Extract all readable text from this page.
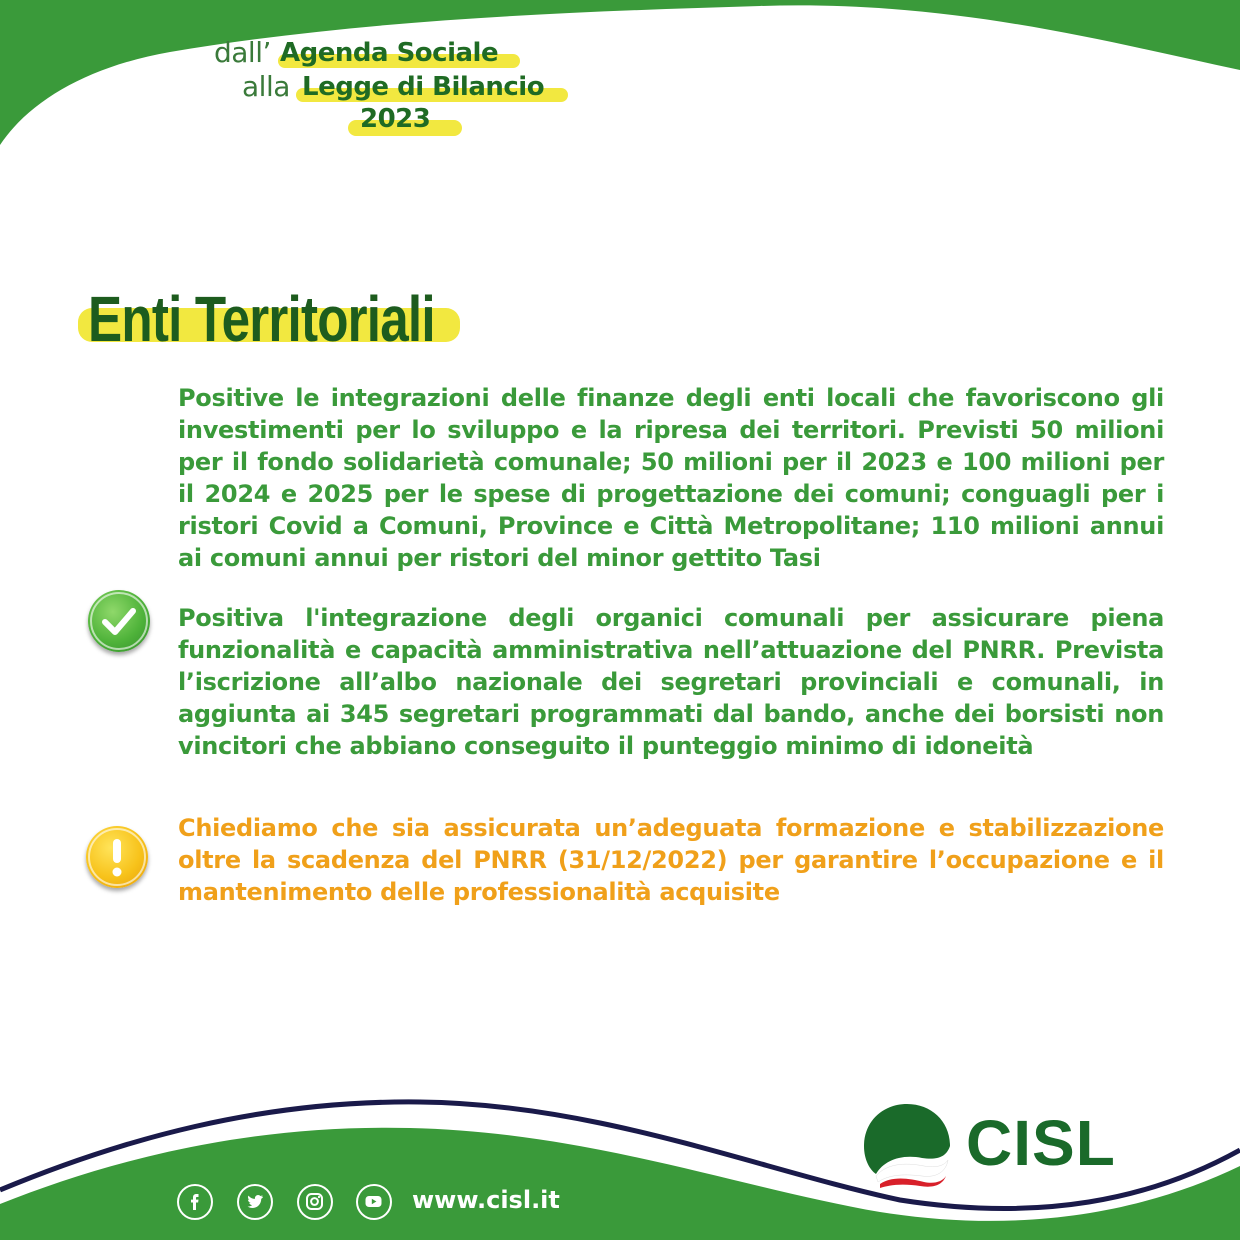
dall’ Agenda Sociale
alla Legge di Bilancio
2023
Enti Territoriali
Positive le integrazioni delle finanze degli enti locali che favoriscono gli investimenti per lo sviluppo e la ripresa dei territori. Previsti 50 milioni per il fondo solidarietà comunale; 50 milioni per il 2023 e 100 milioni per il 2024 e 2025 per le spese di progettazione dei comuni; conguagli per i ristori Covid a Comuni, Province e Città Metropolitane; 110 milioni annui ai comuni annui per ristori del minor gettito Tasi
Positiva l'integrazione degli organici comunali per assicurare piena funzionalità e capacità amministrativa nell’attuazione del PNRR. Prevista l’iscrizione all’albo nazionale dei segretari provinciali e comunali, in aggiunta ai 345 segretari programmati dal bando, anche dei borsisti non vincitori che abbiano conseguito il punteggio minimo di idoneità
Chiediamo che sia assicurata un’adeguata formazione e stabilizzazione oltre la scadenza del PNRR (31/12/2022) per garantire l’occupazione e il mantenimento delle professionalità acquisite
CISL
www.cisl.it
